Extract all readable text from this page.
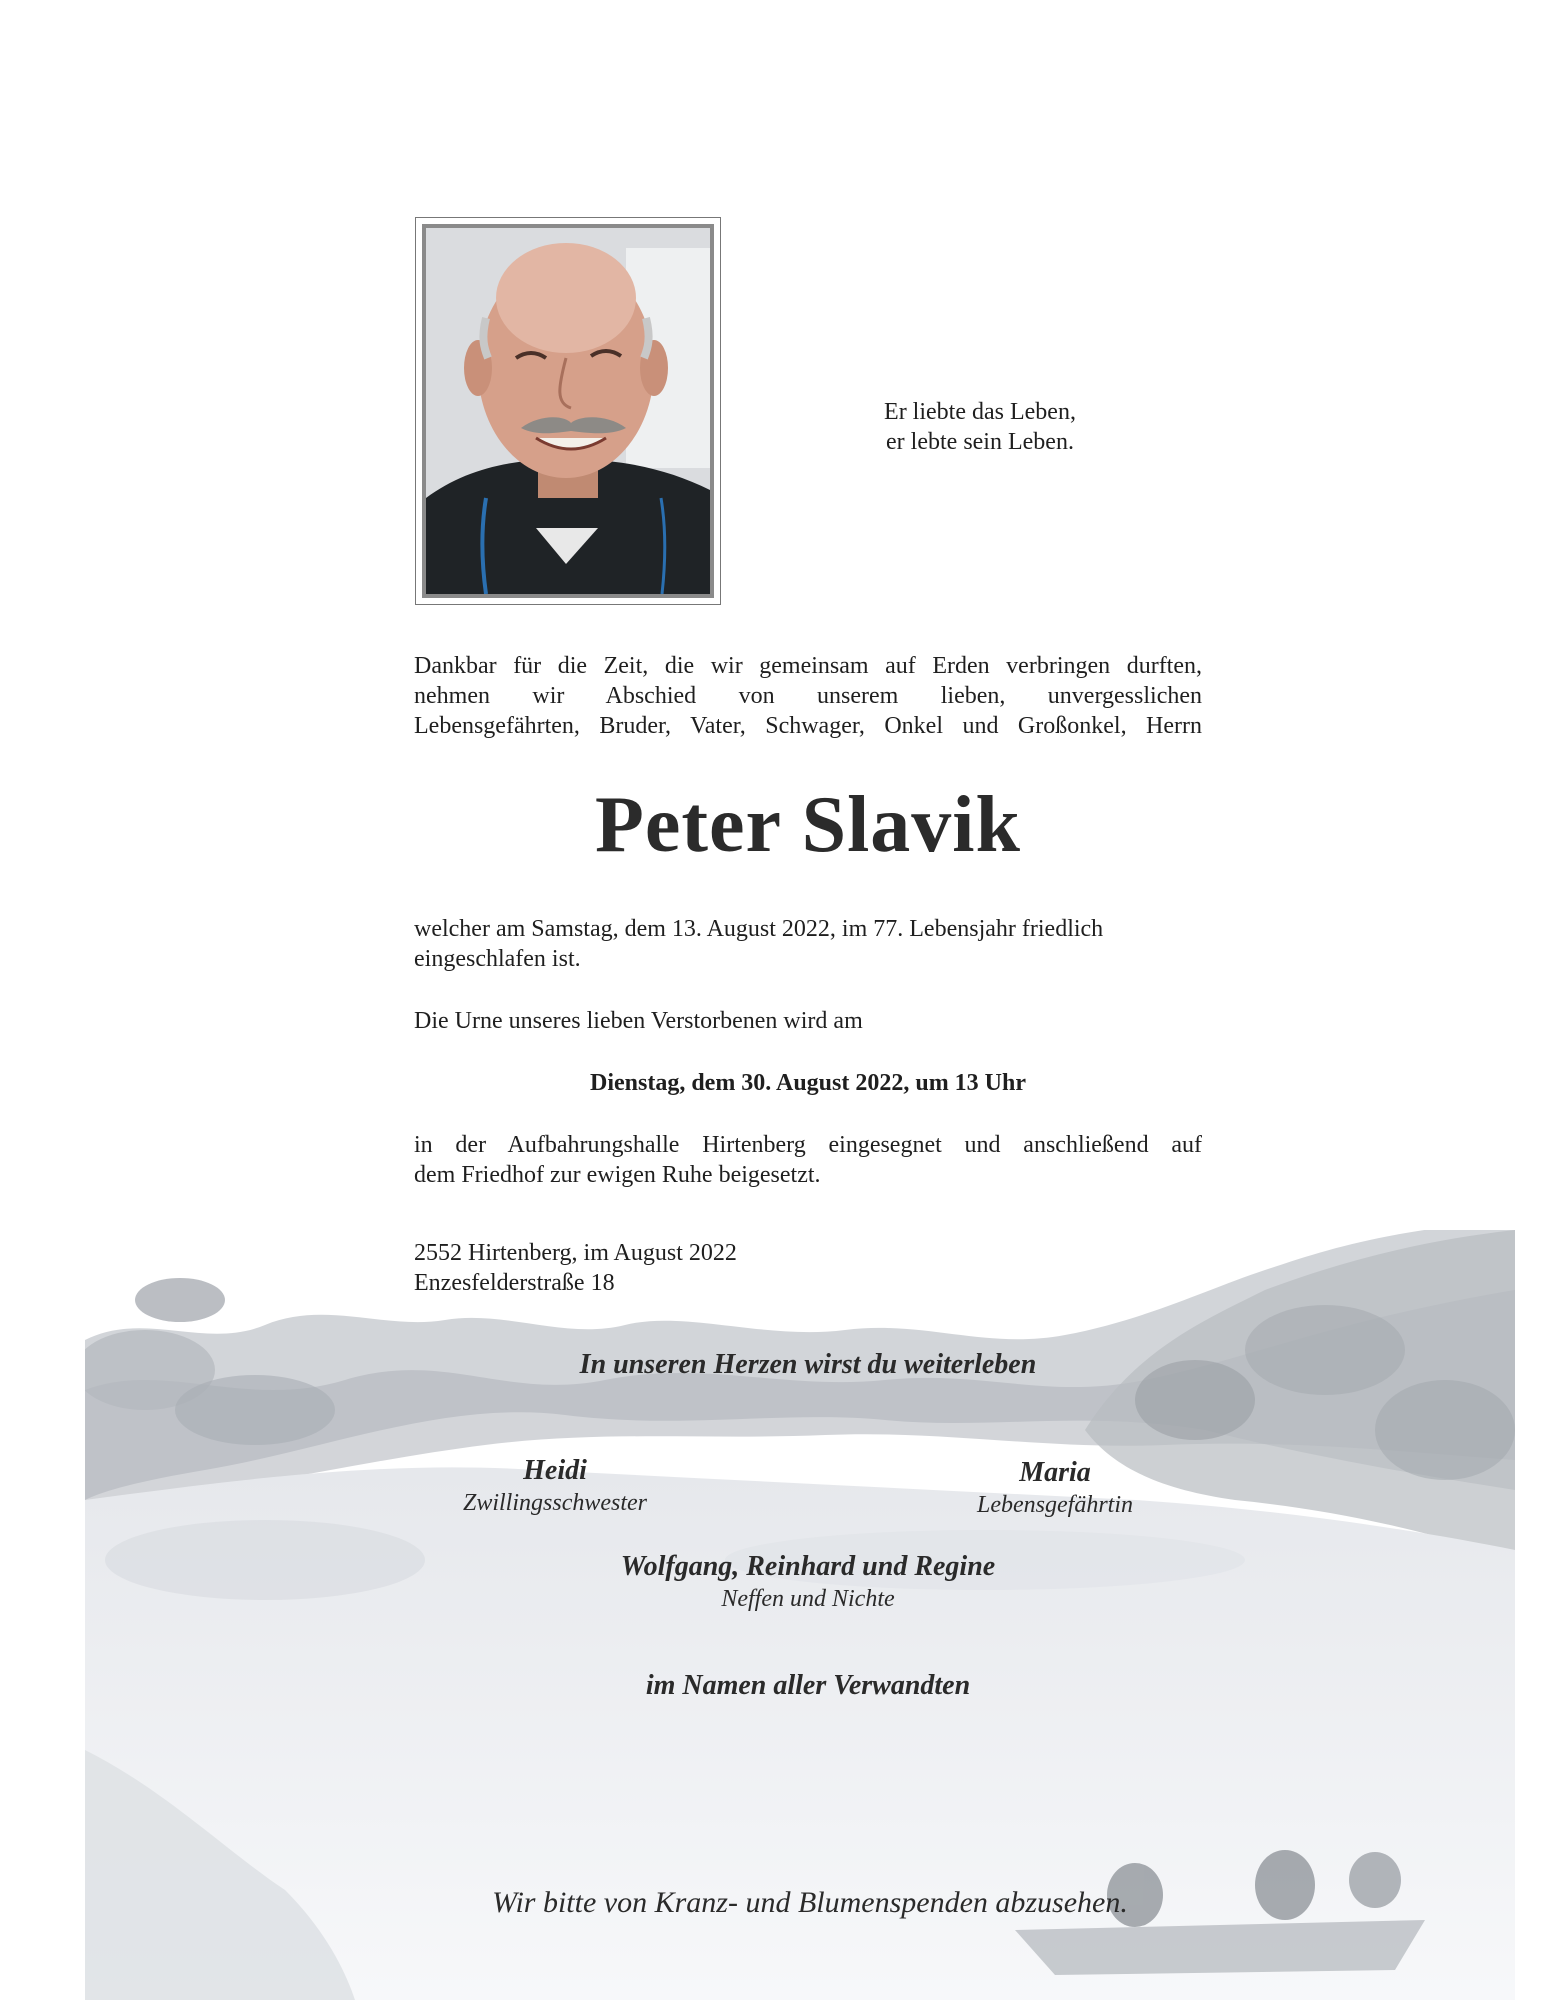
Er liebte das Leben,
er lebte sein Leben.
Dankbar für die Zeit, die wir gemeinsam auf Erden verbringen durften,
nehmen wir Abschied von unserem lieben, unvergesslichen
Lebensgefährten, Bruder, Vater, Schwager, Onkel und Großonkel, Herrn
Peter Slavik
welcher am Samstag, dem 13. August 2022, im 77. Lebensjahr friedlich
eingeschlafen ist.
Die Urne unseres lieben Verstorbenen wird am
Dienstag, dem 30. August 2022, um 13 Uhr
in der Aufbahrungshalle Hirtenberg eingesegnet und anschließend auf
dem Friedhof zur ewigen Ruhe beigesetzt.
2552 Hirtenberg, im August 2022
Enzesfelderstraße 18
In unseren Herzen wirst du weiterleben
Heidi
Zwillingsschwester
Maria
Lebensgefährtin
Wolfgang, Reinhard und Regine
Neffen und Nichte
im Namen aller Verwandten
Wir bitte von Kranz- und Blumenspenden abzusehen.
